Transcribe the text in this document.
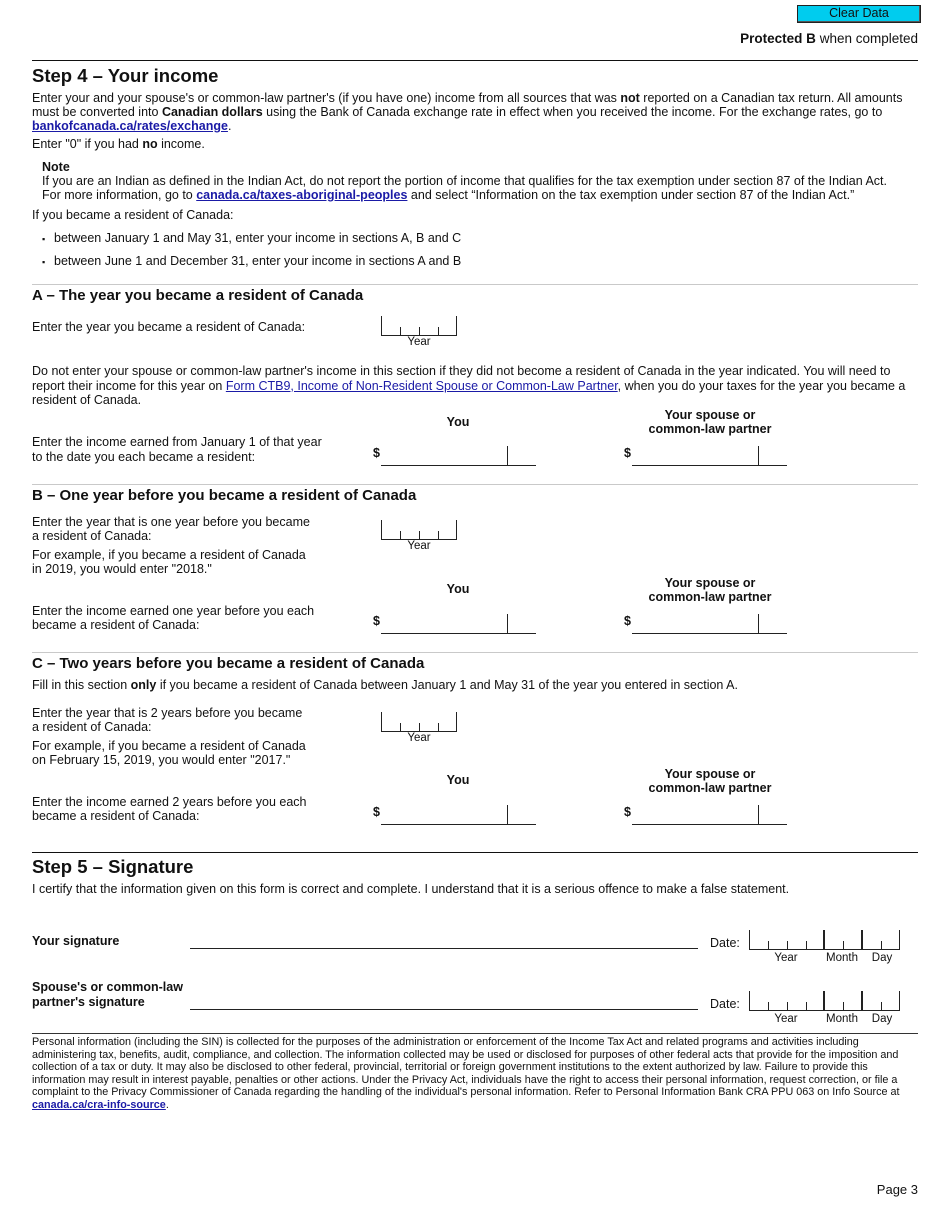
Clear Data
Protected B when completed
Step 4 – Your income
Enter your and your spouse's or common-law partner's (if you have one) income from all sources that was not reported on a Canadian tax return. All amounts must be converted into Canadian dollars using the Bank of Canada exchange rate in effect when you received the income. For the exchange rates, go to bankofcanada.ca/rates/exchange.
Enter "0" if you had no income.
Note
If you are an Indian as defined in the Indian Act, do not report the portion of income that qualifies for the tax exemption under section 87 of the Indian Act.
For more information, go to canada.ca/taxes-aboriginal-peoples and select “Information on the tax exemption under section 87 of the Indian Act.”
If you became a resident of Canada:
▪ between January 1 and May 31, enter your income in sections A, B and C
▪ between June 1 and December 31, enter your income in sections A and B
A – The year you became a resident of Canada
Enter the year you became a resident of Canada:
Year
Do not enter your spouse or common-law partner's income in this section if they did not become a resident of Canada in the year indicated. You will need to report their income for this year on Form CTB9, Income of Non-Resident Spouse or Common-Law Partner, when you do your taxes for the year you became a resident of Canada.
You	Your spouse or
common-law partner
Enter the income earned from January 1 of that year
to the date you each became a resident:	$	$
B – One year before you became a resident of Canada
Enter the year that is one year before you became
a resident of Canada:
Year
For example, if you became a resident of Canada
in 2019, you would enter "2018."
You	Your spouse or
common-law partner
Enter the income earned one year before you each
became a resident of Canada:	$	$
C – Two years before you became a resident of Canada
Fill in this section only if you became a resident of Canada between January 1 and May 31 of the year you entered in section A.
Enter the year that is 2 years before you became
a resident of Canada:
Year
For example, if you became a resident of Canada
on February 15, 2019, you would enter "2017."
You	Your spouse or
common-law partner
Enter the income earned 2 years before you each
became a resident of Canada:	$	$
Step 5 – Signature
I certify that the information given on this form is correct and complete. I understand that it is a serious offence to make a false statement.
Your signature	Date:
Year	Month	Day
Spouse's or common-law
partner's signature	Date:
Year	Month	Day
Personal information (including the SIN) is collected for the purposes of the administration or enforcement of the Income Tax Act and related programs and activities including administering tax, benefits, audit, compliance, and collection. The information collected may be used or disclosed for purposes of other federal acts that provide for the imposition and collection of a tax or duty. It may also be disclosed to other federal, provincial, territorial or foreign government institutions to the extent authorized by law. Failure to provide this information may result in interest payable, penalties or other actions. Under the Privacy Act, individuals have the right to access their personal information, request correction, or file a complaint to the Privacy Commissioner of Canada regarding the handling of the individual's personal information. Refer to Personal Information Bank CRA PPU 063 on Info Source at canada.ca/cra-info-source.
Page 3
